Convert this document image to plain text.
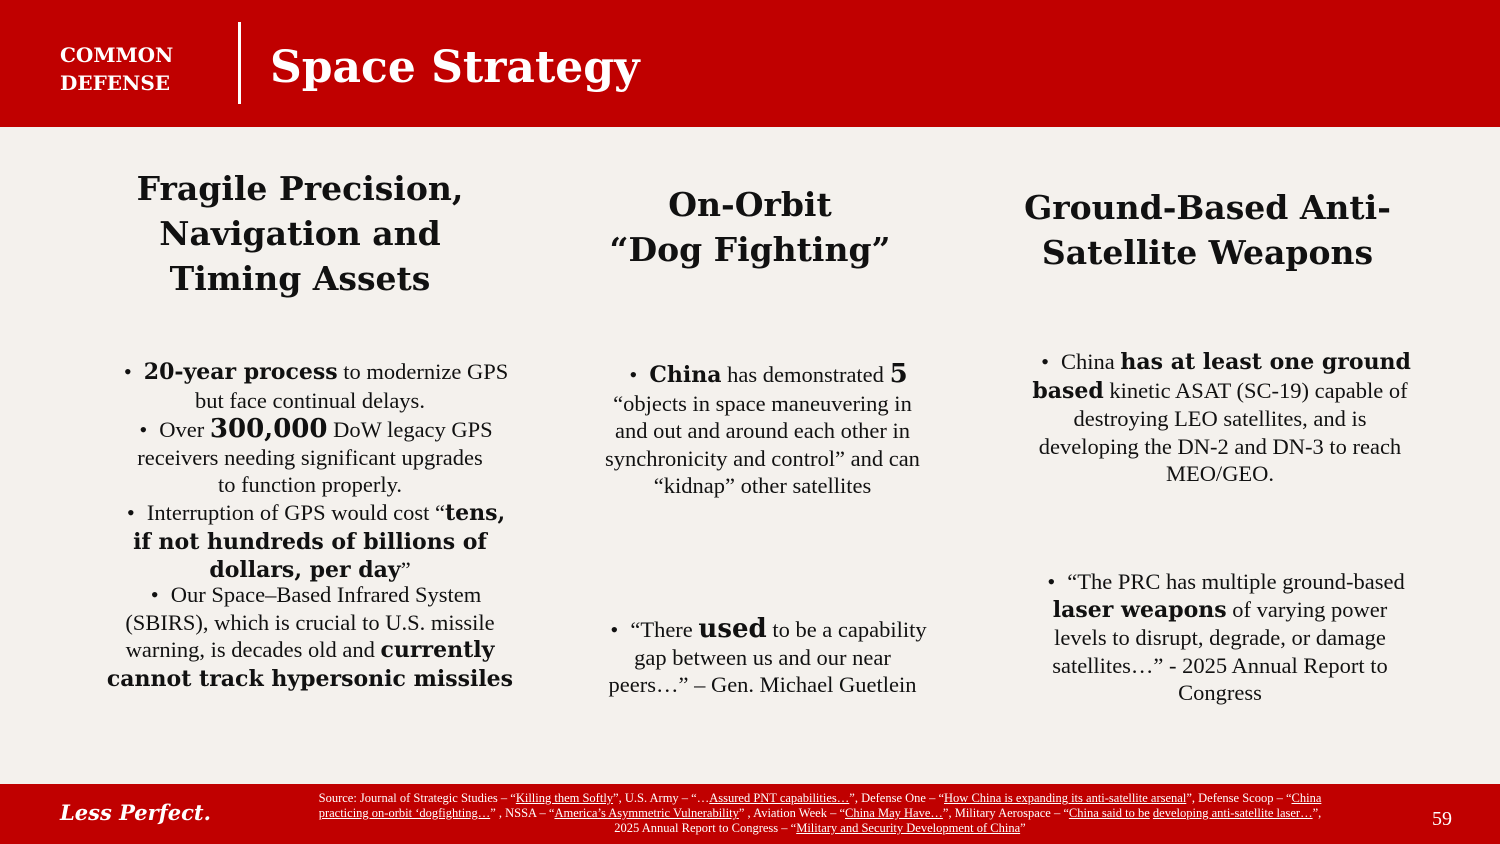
COMMON
DEFENSE Space Strategy
Fragile Precision,
Navigation and
Timing Assets
• 20-year process to modernize GPS
but face continual delays.
• Over 300,000 DoW legacy GPS
receivers needing significant upgrades
to function properly.
• Interruption of GPS would cost “tens,
if not hundreds of billions of
dollars, per day”
• Our Space–Based Infrared System
(SBIRS), which is crucial to U.S. missile
warning, is decades old and currently
cannot track hypersonic missiles
On-Orbit
“Dog Fighting”
• China has demonstrated 5
“objects in space maneuvering in
and out and around each other in
synchronicity and control” and can
“kidnap” other satellites
• “There used to be a capability
gap between us and our near
peers…” – Gen. Michael Guetlein
Ground-Based Anti-
Satellite Weapons
• China has at least one ground
based kinetic ASAT (SC-19) capable of
destroying LEO satellites, and is
developing the DN-2 and DN-3 to reach
MEO/GEO.
• “The PRC has multiple ground-based
laser weapons of varying power
levels to disrupt, degrade, or damage
satellites…” - 2025 Annual Report to
Congress
Less Perfect.
Source: Journal of Strategic Studies – “Killing them Softly”, U.S. Army – “…Assured PNT capabilities…”, Defense One – “How China is expanding its anti-satellite arsenal”, Defense Scoop – “China practicing on-orbit ‘dogfighting…” , NSSA – “America’s Asymmetric Vulnerability” , Aviation Week – “China May Have…”, Military Aerospace – “China said to be developing anti-satellite laser…”, 2025 Annual Report to Congress – “Military and Security Development of China”	59
